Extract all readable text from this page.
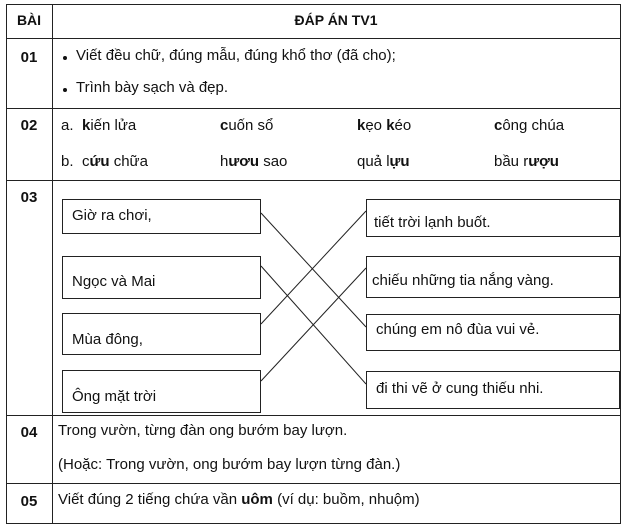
BÀI	ĐÁP ÁN TV1
01	Viết đều chữ, đúng mẫu, đúng khổ thơ (đã cho);
Trình bày sạch và đẹp.
02	a. kiến lửa	cuốn sổ	kẹo kéo	công chúa
b. cứu chữa	hươu sao	quả lựu	bầu rượu
03
Giờ ra chơi,
Ngọc và Mai
Mùa đông,
Ông mặt trời
tiết trời lạnh buốt.
chiếu những tia nắng vàng.
chúng em nô đùa vui vẻ.
đi thi vẽ ở cung thiếu nhi.
04	Trong vườn, từng đàn ong bướm bay lượn.
(Hoặc: Trong vườn, ong bướm bay lượn từng đàn.)
05	Viết đúng 2 tiếng chứa vần uôm (ví dụ: buồm, nhuộm)
